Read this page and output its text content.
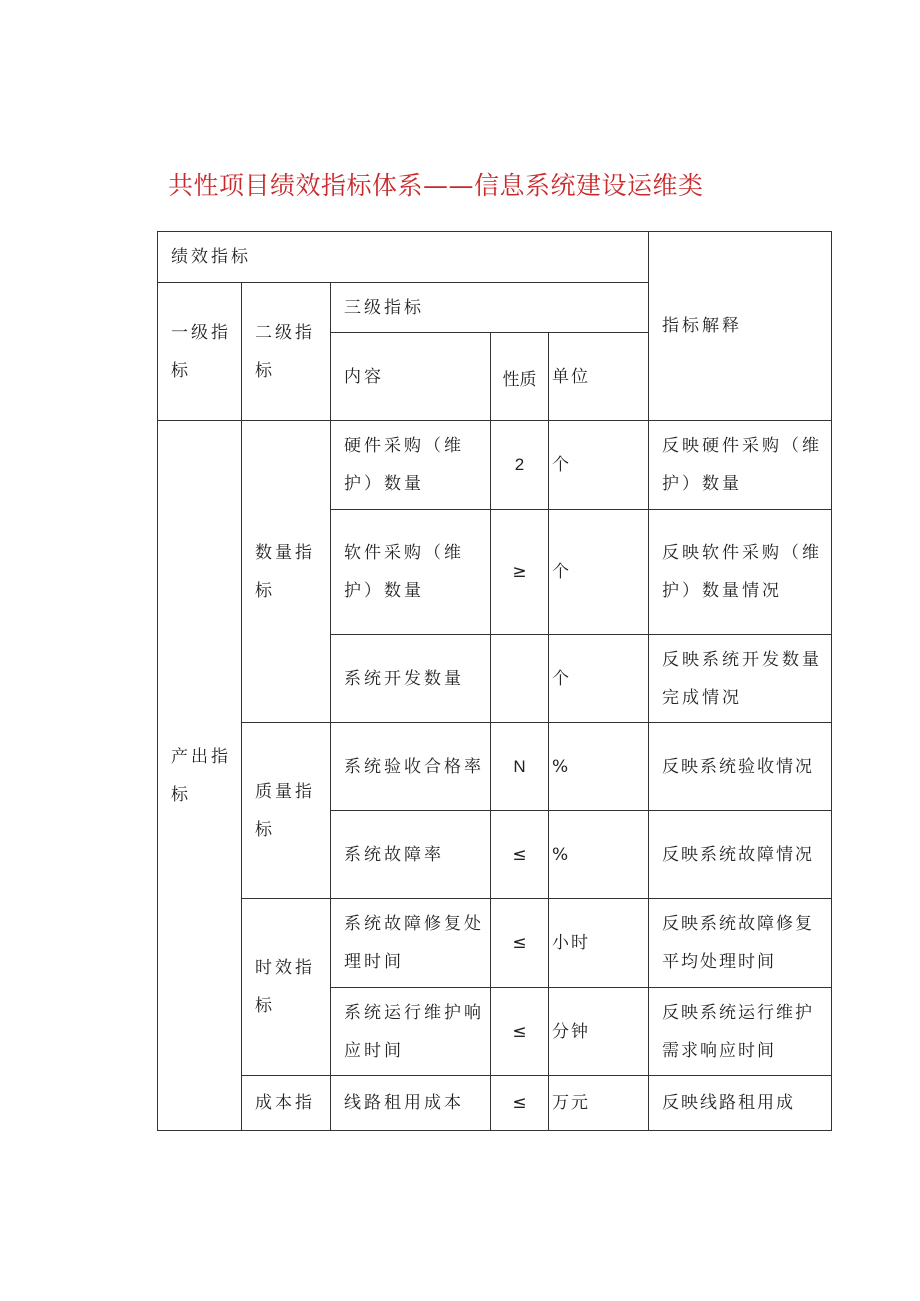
共性项目绩效指标体系——信息系统建设运维类
绩效指标					指标解释
一级指标	二级指标	三级指标			
		内容	性质	单位	
产出指标	数量指标	硬件采购（维护）数量	2	个	反映硬件采购（维护）数量
		软件采购（维护）数量	≥	个	反映软件采购（维护）数量情况
		系统开发数量		个	反映系统开发数量完成情况
	质量指标	系统验收合格率	N	%	反映系统验收情况
		系统故障率	≤	%	反映系统故障情况
	时效指标	系统故障修复处理时间	≤	小时	反映系统故障修复平均处理时间
		系统运行维护响应时间	≤	分钟	反映系统运行维护需求响应时间
	成本指	线路租用成本	≤	万元	反映线路租用成
